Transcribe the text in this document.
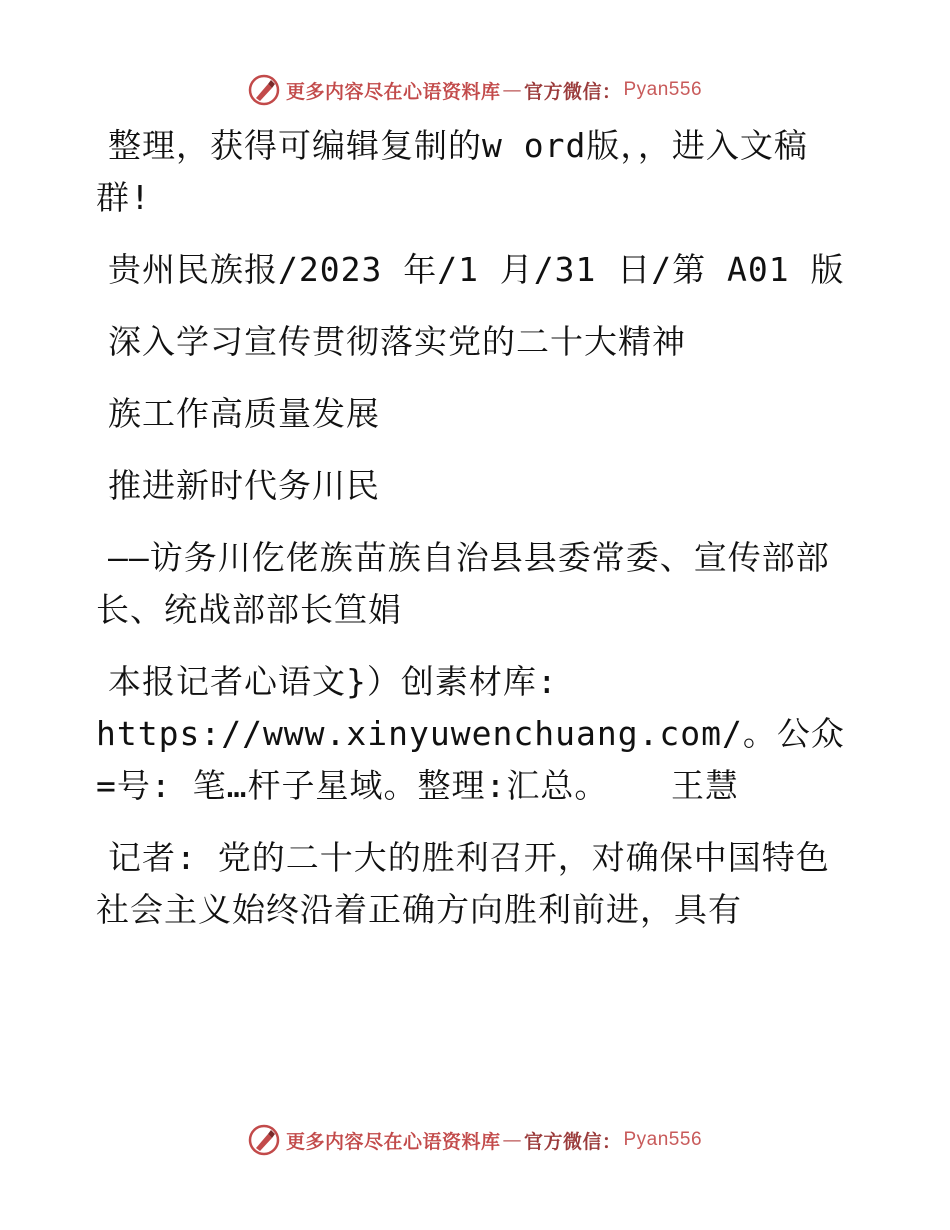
更多内容尽在心语资料库 — 官方微信： Pyan556

整理，获得可编辑复制的w ord版，，进入文稿群!

贵州民族报/2023 年/1 月/31 日/第 A01 版

深入学习宣传贯彻落实党的二十大精神

族工作高质量发展

推进新时代务川民

——访务川仡佬族苗族自治县县委常委、宣传部部长、统战部部长笪娟

本报记者心语文}）创素材库: https://www.xinyuwenchuang.com/。公众=号: 笔…杆子星域。整理:汇总。   王慧

记者: 党的二十大的胜利召开，对确保中国特色社会主义始终沿着正确方向胜利前进，具有

更多内容尽在心语资料库 — 官方微信： Pyan556
